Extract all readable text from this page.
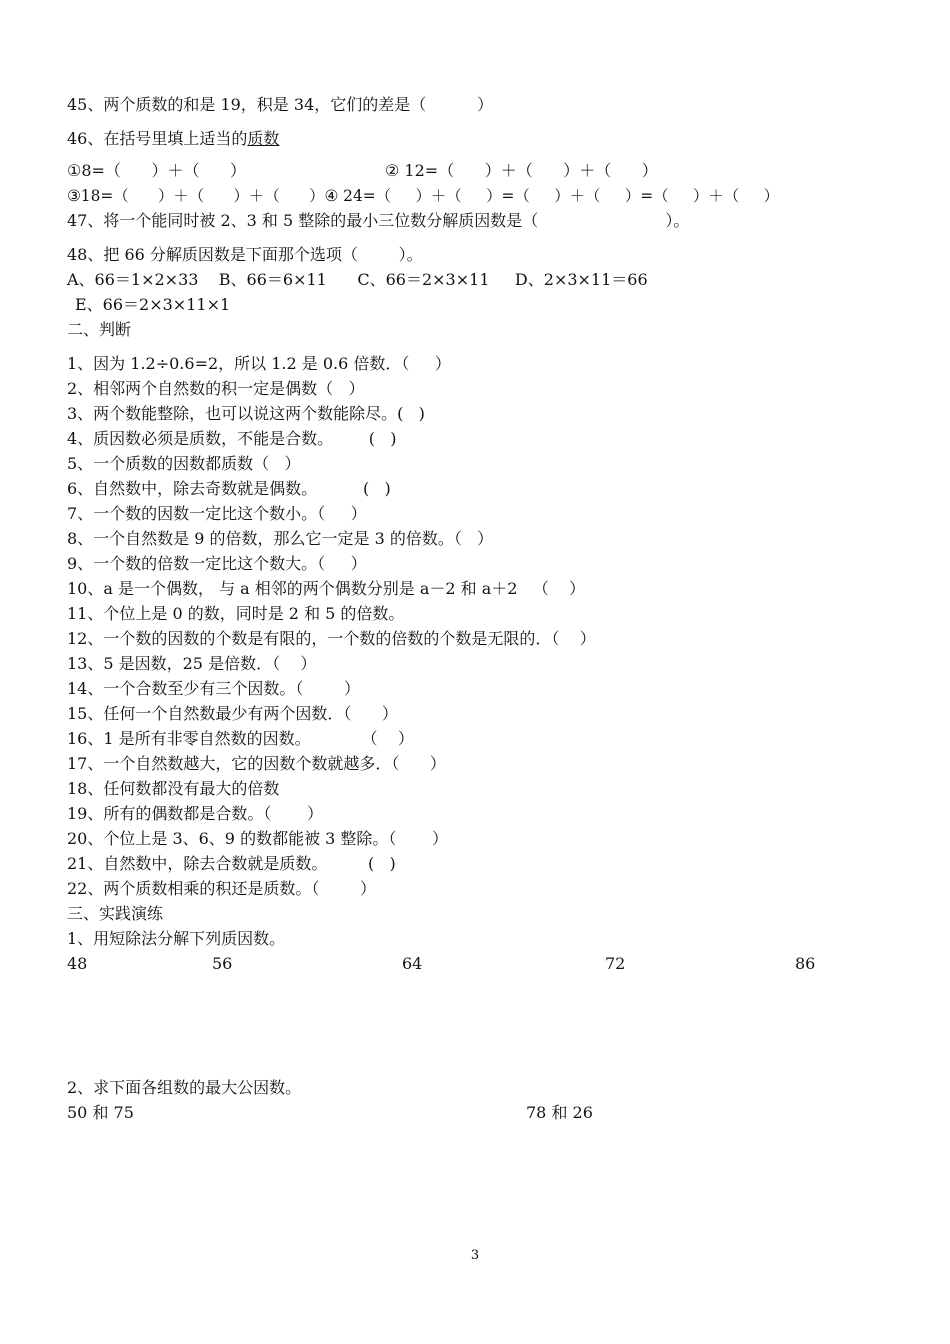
45、两个质数的和是 19，积是 34，它们的差是（          ）
46、在括号里填上适当的质数
①8=（      ）＋（      ）	② 12=（      ）＋（      ）＋（      ）
③18=（      ）＋（      ）＋（      ）④ 24=（     ）＋（     ）=（     ）＋（     ）=（     ）＋（     ）
47、将一个能同时被 2、3 和 5 整除的最小三位数分解质因数是（                         ）。
48、把 66 分解质因数是下面那个选项（        ）。
A、66＝1×2×33    B、66＝6×11      C、66＝2×3×11     D、2×3×11＝66
E、66＝2×3×11×1
二、判断
1、因为 1.2÷0.6=2，所以 1.2 是 0.6 倍数．（     ）
2、相邻两个自然数的积一定是偶数（   ）
3、两个数能整除，也可以说这两个数能除尽。(   )
4、质因数必须是质数，不能是合数。       (   )
5、一个质数的因数都质数（   ）
6、自然数中，除去奇数就是偶数。         (   )
7、一个数的因数一定比这个数小。（     ）
8、一个自然数是 9 的倍数，那么它一定是 3 的倍数。（   ）
9、一个数的倍数一定比这个数大。（     ）
10、a 是一个偶数， 与 a 相邻的两个偶数分别是 a－2 和 a＋2   （    ）
11、个位上是 0 的数，同时是 2 和 5 的倍数。
12、一个数的因数的个数是有限的，一个数的倍数的个数是无限的．（    ）
13、5 是因数，25 是倍数．（    ）
14、一个合数至少有三个因数。（        ）
15、任何一个自然数最少有两个因数．（      ）
16、1 是所有非零自然数的因数。          （    ）
17、一个自然数越大，它的因数个数就越多．（      ）
18、任何数都没有最大的倍数
19、所有的偶数都是合数。（       ）
20、个位上是 3、6、9 的数都能被 3 整除。（       ）
21、自然数中，除去合数就是质数。        (   )
22、两个质数相乘的积还是质数。（        ）
三、实践演练
1、用短除法分解下列质因数。
48	56	64	72	86
2、求下面各组数的最大公因数。
50 和 75	78 和 26
3
